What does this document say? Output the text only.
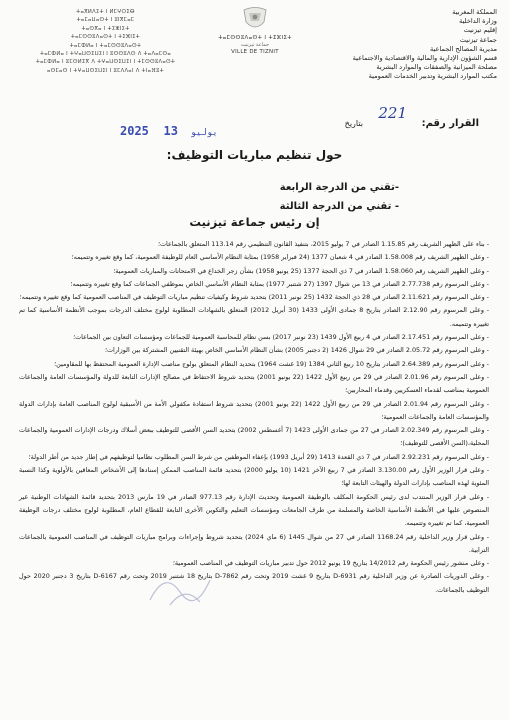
ⵜⴰⴳⵍⴷⵉⵜ ⵏ ⵍⵎⵖⵔⵉⴱ
ⵜⴰⵎⴰⵡⴰⵙⵜ ⵏ ⵓⵏⴳⵎⴰⵎ
ⵜⴰⵙⴳⴰ ⵏ ⵜⵉⵣⵏⵉⵜ
ⵜⴰⵎⵙⵙⵓⴷⴰⵙⵜ ⵏ ⵜⵉⵣⵏⵉⵜ
ⵜⴰⵎⵀⵍⴰ ⵏ ⵜⴰⵎⵙⵙⵓⴷⴰⵙⵜ
ⵜⴰⵎⵀⵍⴰ ⵏ ⵜⵖⴰⵡⵙⵉⵡⵉⵏ ⵏ ⵓⵙⵙⵓⴷⵙ ⴷ ⵜⴰⴷⴰⵎⵙⴰ
ⵜⴰⵎⵀⵍⴰ ⵏ ⵓⵎⵙⵍⵉⴳ ⴷ ⵜⵖⴰⵡⵙⵉⵡⵉⵏ ⵏ ⵜⵎⵙⵙⵓⴷⴰⵙⵜ
ⴰⵙⵎⴰⵙ ⵏ ⵜⵖⴰⵡⵙⵉⵡⵉⵏ ⵏ ⵓⵎⴷⴷⴰⵏ ⴷ ⵜⵏⴰⴼⵓⵜ
ⵜⴰⵎⵙⵙⵓⴷⴰⵙⵜ ⵏ ⵜⵉⵣⵏⵉⵜ
جماعة تيزنيت
VILLE DE TIZNIT
المملكة المغربية
وزارة الداخلية
إقليم تيزنيت
جماعة تيزنيت
مديرية المصالح الجماعية
قسم الشؤون الإدارية والمالية والاقتصادية والاجتماعية
مصلحة الميزانية والصفقات والموارد البشرية
مكتب الموارد البشرية وتدبير الخدمات العمومية
القرار رقم:
221
بتاريخ
2025	يوليو 13
حول تنظيم مباريات التوظيف:
-تقني من الدرجة الرابعة
- تقني من الدرجة الثالثة
إن رئيس جماعة تيزنيت

- بناء على الظهير الشريف رقم 1.15.85 الصادر في 7 يوليو 2015، بتنفيذ القانون التنظيمي رقم 113.14 المتعلق بالجماعات؛

- وعلى الظهير الشريف رقم 1.58.008 الصادر في 4 شعبان 1377 (24 فبراير 1958) بمثابة النظام الأساسي العام للوظيفة العمومية، كما وقع تغييره وتتميمه؛

- وعلى الظهير الشريف رقم 1.58.060 الصادر في 7 ذي الحجة 1377 (25 يونيو 1958) بشأن زجر الخداع في الامتحانات والمباريات العمومية؛

- وعلى المرسوم رقم 2.77.738 الصادر في 13 من شوال 1397 (27 شتنبر 1977) بمثابة النظام الأساسي الخاص بموظفي الجماعات كما وقع تغييره وتتميمه؛

- وعلى المرسوم رقم 2.11.621 الصادر في 28 ذي الحجة 1432 (25 نونبر 2011) بتحديد شروط وكيفيات تنظيم مباريات التوظيف في المناصب العمومية كما وقع تغييره وتتميمه؛

- وعلى المرسوم رقم 2.12.90 الصادر بتاريخ 8 جمادى الأولى 1433 (30 أبريل 2012) المتعلق بالشهادات المطلوبة لولوج مختلف الدرجات بموجب الأنظمة الأساسية كما تم تغييره وتتميمه.

- وعلى المرسوم رقم 2.17.451 الصادر في 4 ربيع الأول 1439 (23 نونبر 2017) بسن نظام للمحاسبة العمومية للجماعات ومؤسسات التعاون بين الجماعات؛

- وعلى المرسوم رقم 2.05.72 الصادر في 29 شوال 1426 (2 دجنبر 2005) بشأن النظام الأساسي الخاص بهيئة التقنيين المشتركة بين الوزارات؛

- وعلى المرسوم رقم 2.64.389 الصادر بتاريخ 10 ربيع الثاني 1384 (19 غشت 1964) بتحديد النظام المتعلق بولوج مناصب الإدارة العمومية المحتفظ بها للمقاومين؛

- وعلى المرسوم رقم 2.01.96 الصادر في 29 من ربيع الأول 1422 (22 يونيو 2001) بتحديد شروط الاحتفاظ في مصالح الإدارات التابعة للدولة والمؤسسات العامة والجماعات العمومية بمناصب لقدماء العسكريين وقدماء المحاربين؛

- وعلى المرسوم رقم 2.01.94 الصادر في 29 من ربيع الأول 1422 (22 يونيو 2001) بتحديد شروط استفادة مكفولي الأمة من الأسبقية لولوج المناصب العامة بإدارات الدولة والمؤسسات العامة والجماعات العمومية؛

- وعلى المرسوم رقم 2.02.349 الصادر في 27 من جمادى الأولى 1423 (7 أغسطس 2002) بتحديد السن الأقصى للتوظيف ببعض أسلاك ودرجات الإدارات العمومية والجماعات المحلية،(السن الأقصى للتوظيف)؛

- وعلى المرسوم رقم 2.92.231 الصادر في 7 ذي القعدة 1413 (29 أبريل 1993) بإعفاء الموظفين من شرط السن المطلوب نظاميا لتوظيفهم في إطار جديد من أطر الدولة؛

- وعلى قرار الوزير الأول رقم 3.130.00 الصادر في 7 ربيع الآخر 1421 (10 يوليو 2000) بتحديد قائمة المناصب الممكن إسنادها إلى الأشخاص المعاقين بالأولوية وكذا النسبة المئوية لهذه المناصب بإدارات الدولة والهيئات التابعة لها؛

- وعلى قرار الوزير المنتدب لدى رئيس الحكومة المكلف بالوظيفة العمومية وتحديث الإدارة رقم 977.13 الصادر في 19 مارس 2013 بتحديد قائمة الشهادات الوطنية غير المنصوص عليها في الأنظمة الأساسية الخاصة والمسلمة من طرف الجامعات ومؤسسات التعليم والتكوين الأخرى التابعة للقطاع العام، المطلوبة لولوج مختلف درجات الوظيفة العمومية، كما تم تغييره وتتميمه.

- وعلى قرار وزير الداخلية رقم 1168.24 الصادر في 27 من شوال 1445 (6 ماي 2024) بتحديد شروط وإجراءات وبرامج مباريات التوظيف في المناصب العمومية بالجماعات الترابية.

- وعلى منشور رئيس الحكومة رقم 14/2012 بتاريخ 19 يونيو 2012 حول تدبير مباريات التوظيف في المناصب العمومية؛

- وعلى الدوريات الصادرة عن وزير الداخلية رقم D-6931 بتاريخ 9 غشت 2019 وتحت رقم D-7862 بتاريخ 18 شتنبر 2019 وتحت رقم D-6167 بتاريخ 3 دجنبر 2020 حول التوظيف بالجماعات.
